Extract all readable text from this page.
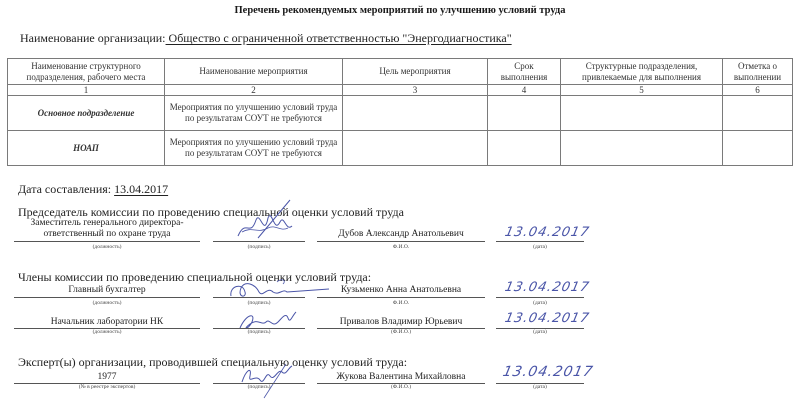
Перечень рекомендуемых мероприятий по улучшению условий труда
Наименование организации: Общество с ограниченной ответственностью "Энергодиагностика"
Наименование структурного подразделения, рабочего места	Наименование мероприятия	Цель мероприятия	Срок выполнения	Структурные подразделения, привлекаемые для выполнения	Отметка о выполнении
1	2	3	4	5	6
Основное подразделение	Мероприятия по улучшению условий труда по результатам СОУТ не требуются				
НОАП	Мероприятия по улучшению условий труда по результатам СОУТ не требуются				
Дата составления: 13.04.2017
Председатель комиссии по проведению специальной оценки условий труда
Заместитель генерального директора-
ответственный по охране труда
(должность)	(подпись)
Дубов Александр Анатольевич
Ф.И.О.
13.04.2017
(дата)
Члены комиссии по проведению специальной оценки условий труда:
Главный бухгалтер
(должность)	(подпись)
Кузьменко Анна Анатольевна
Ф.И.О.
13.04.2017
(дата)
Начальник лаборатории НК
(должность)	(подпись)
Привалов Владимир Юрьевич
(Ф.И.О.)
13.04.2017
(дата)
Эксперт(ы) организации, проводившей специальную оценку условий труда:
1977
(№ в реестре экспертов)	(подпись)
Жукова Валентина Михайловна
(Ф.И.О.)
13.04.2017
(дата)
